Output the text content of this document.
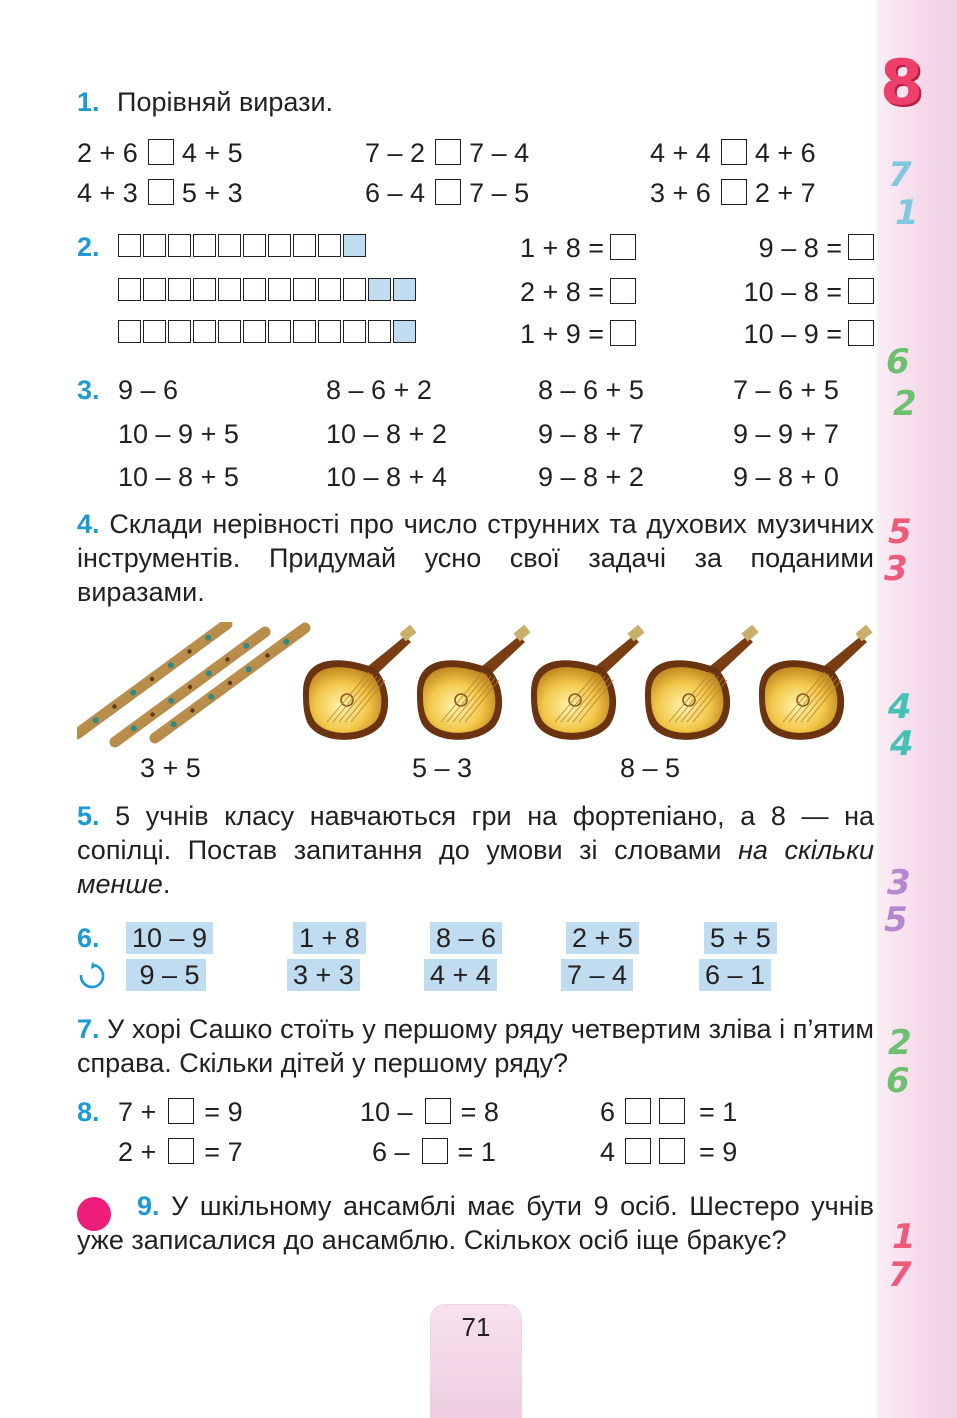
8
7
1
6
2
5
3
4
4
3
5
2
6
1
7
1. Порівняй вирази.
2 + 6 4 + 5	7 – 2 7 – 4	4 + 4 4 + 6
4 + 3 5 + 3	6 – 4 7 – 5	3 + 6 2 + 7
2.	1 + 8 =	9 – 8 =
2 + 8 =	10 – 8 =
1 + 9 =	10 – 9 =
3. 9 – 6	8 – 6 + 2	8 – 6 + 5	7 – 6 + 5
10 – 9 + 5	10 – 8 + 2	9 – 8 + 7	9 – 9 + 7
10 – 8 + 5	10 – 8 + 4	9 – 8 + 2	9 – 8 + 0
4. Склади нерівності про число струнних та духових музичних інструментів. Придумай усно свої задачі за поданими виразами.
3 + 5	5 – 3	8 – 5
5. 5 учнів класу навчаються гри на фортепіано, а 8 — на сопілці. Постав запитання до умови зі словами на скільки менше.
6. 10 – 9	1 + 8	8 – 6	2 + 5	5 + 5
9 – 5	3 + 3	4 + 4	7 – 4	6 – 1
7. У хорі Сашко стоїть у першому ряду четвертим зліва і п’ятим справа. Скільки дітей у першому ряду?
8. 7 + = 9	10 – = 8	6	= 1
2 + = 7	6 – = 1	4	= 9
9. У шкільному ансамблі має бути 9 осіб. Шестеро учнів уже записалися до ансамблю. Скількох осіб іще бракує?
71
